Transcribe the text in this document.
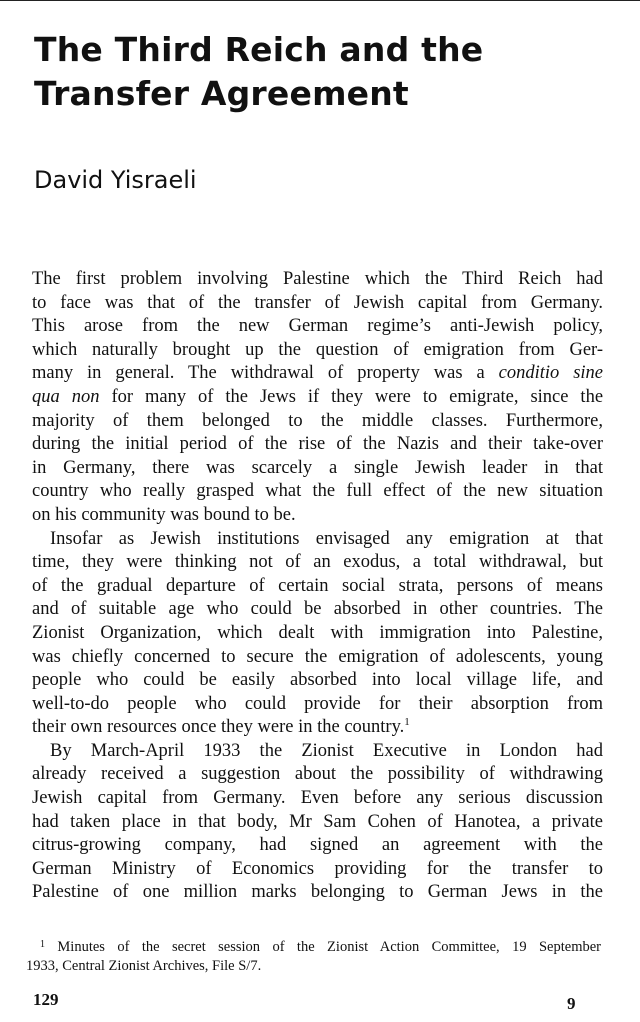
The Third Reich and the
Transfer Agreement
David Yisraeli
The first problem involving Palestine which the Third Reich had
to face was that of the transfer of Jewish capital from Germany.
This arose from the new German regime’s anti-Jewish policy,
which naturally brought up the question of emigration from Ger-
many in general. The withdrawal of property was a conditio sine
qua non for many of the Jews if they were to emigrate, since the
majority of them belonged to the middle classes. Furthermore,
during the initial period of the rise of the Nazis and their take-over
in Germany, there was scarcely a single Jewish leader in that
country who really grasped what the full effect of the new situation
on his community was bound to be.
Insofar as Jewish institutions envisaged any emigration at that
time, they were thinking not of an exodus, a total withdrawal, but
of the gradual departure of certain social strata, persons of means
and of suitable age who could be absorbed in other countries. The
Zionist Organization, which dealt with immigration into Palestine,
was chiefly concerned to secure the emigration of adolescents, young
people who could be easily absorbed into local village life, and
well-to-do people who could provide for their absorption from
their own resources once they were in the country.$^1$
By March-April 1933 the Zionist Executive in London had
already received a suggestion about the possibility of withdrawing
Jewish capital from Germany. Even before any serious discussion
had taken place in that body, Mr Sam Cohen of Hanotea, a private
citrus-growing company, had signed an agreement with the
German Ministry of Economics providing for the transfer to
Palestine of one million marks belonging to German Jews in the
$^1$ Minutes of the secret session of the Zionist Action Committee, 19 September
1933, Central Zionist Archives, File S/7.
129	9
